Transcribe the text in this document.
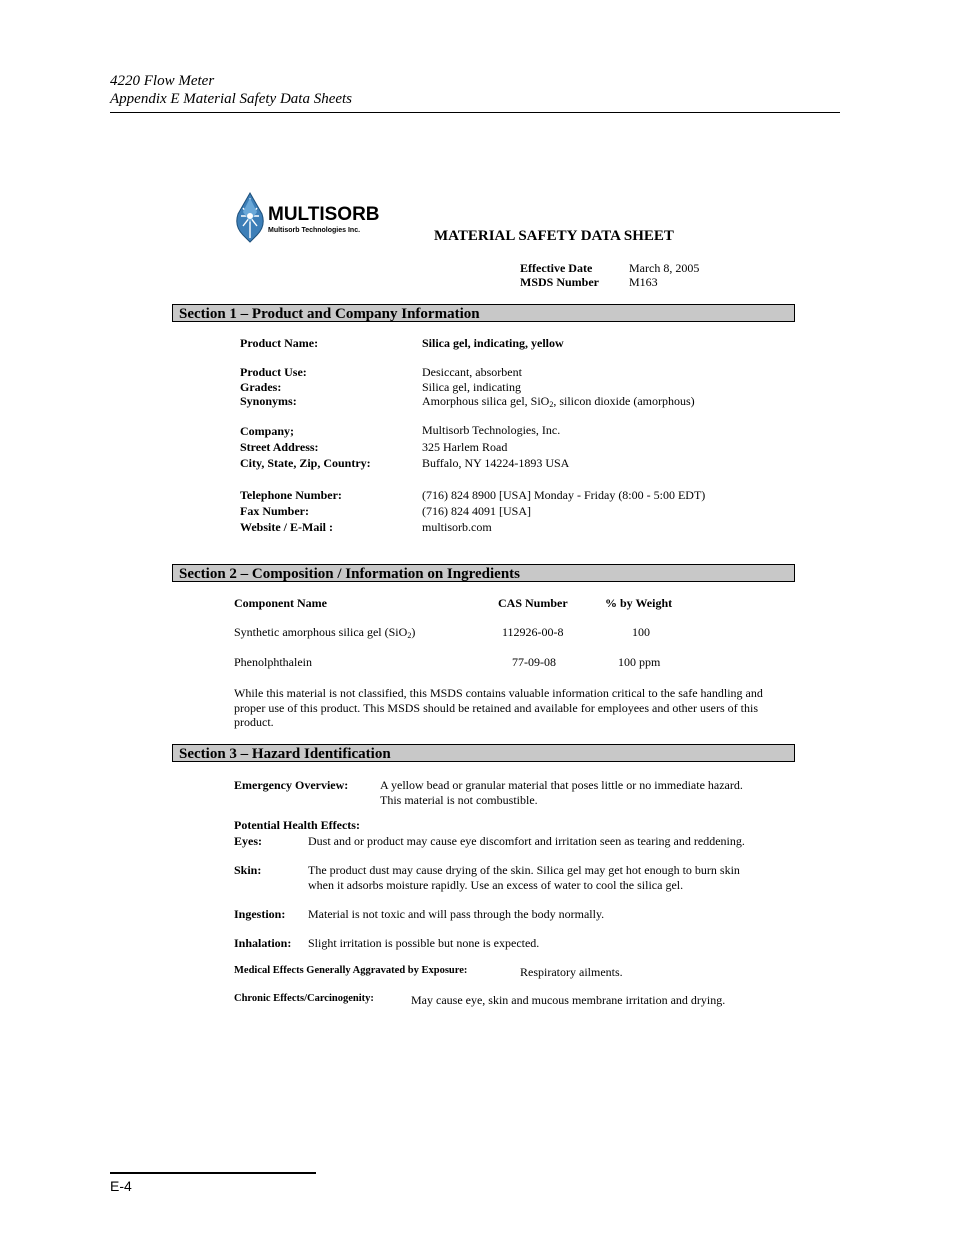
4220 Flow Meter
Appendix E Material Safety Data Sheets
MULTISORB
Multisorb Technologies Inc.	MATERIAL SAFETY DATA SHEET
Effective Date	March 8, 2005
MSDS Number M163
Section 1 – Product and Company Information
Product Name:	Silica gel, indicating, yellow
Product Use:	Desiccant, absorbent
Grades:	Silica gel, indicating
Synonyms:	Amorphous silica gel, SiO$_2$, silicon dioxide (amorphous)
Company;	Multisorb Technologies, Inc.
Street Address:	325 Harlem Road
City, State, Zip, Country:	Buffalo, NY 14224-1893 USA
Telephone Number:	(716) 824 8900 [USA] Monday - Friday (8:00 - 5:00 EDT)
Fax Number:	(716) 824 4091 [USA]
Website / E-Mail :	multisorb.com
Section 2 – Composition / Information on Ingredients
Component Name	CAS Number	% by Weight
Synthetic amorphous silica gel (SiO$_2$)	112926-00-8	100
Phenolphthalein	77-09-08	100 ppm
While this material is not classified, this MSDS contains valuable information critical to the safe handling and proper use of this product. This MSDS should be retained and available for employees and other users of this product.
Section 3 – Hazard Identification
Emergency Overview:	A yellow bead or granular material that poses little or no immediate hazard.
This material is not combustible.
Potential Health Effects:
Eyes:	Dust and or product may cause eye discomfort and irritation seen as tearing and reddening.
Skin:	The product dust may cause drying of the skin. Silica gel may get hot enough to burn skin
when it adsorbs moisture rapidly. Use an excess of water to cool the silica gel.
Ingestion: Material is not toxic and will pass through the body normally.
Inhalation: Slight irritation is possible but none is expected.
Medical Effects Generally Aggravated by Exposure:	Respiratory ailments.
Chronic Effects/Carcinogenity:	May cause eye, skin and mucous membrane irritation and drying.
E-4
